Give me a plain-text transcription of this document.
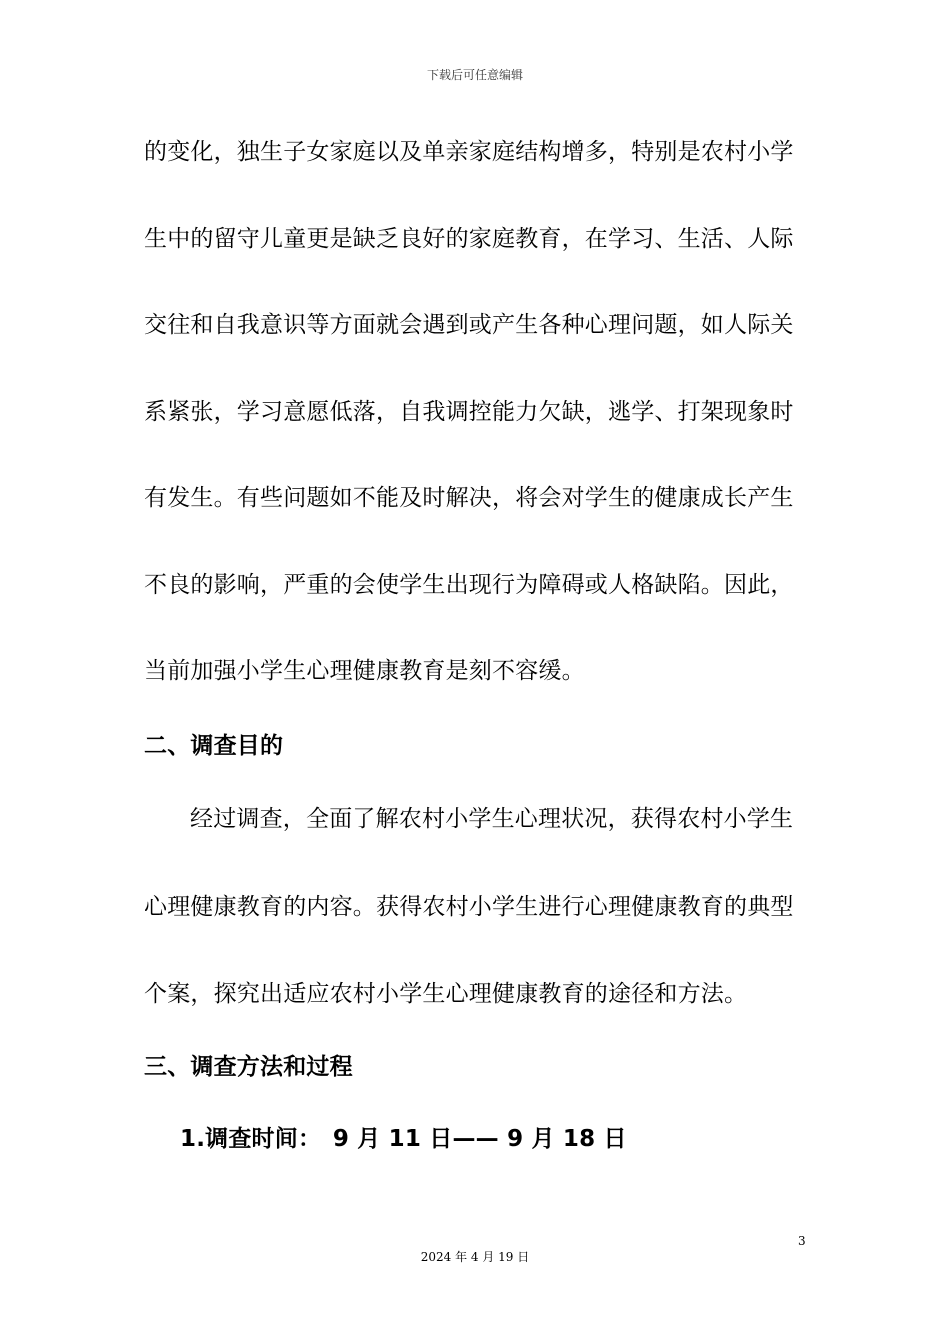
下载后可任意编辑
的变化，独生子女家庭以及单亲家庭结构增多，特别是农村小学
生中的留守儿童更是缺乏良好的家庭教育，在学习、生活、人际
交往和自我意识等方面就会遇到或产生各种心理问题，如人际关
系紧张，学习意愿低落，自我调控能力欠缺，逃学、打架现象时
有发生。有些问题如不能及时解决，将会对学生的健康成长产生
不良的影响，严重的会使学生出现行为障碍或人格缺陷。因此，
当前加强小学生心理健康教育是刻不容缓。
二、调查目的
经过调查，全面了解农村小学生心理状况，获得农村小学生
心理健康教育的内容。获得农村小学生进行心理健康教育的典型
个案，探究出适应农村小学生心理健康教育的途径和方法。
三、调查方法和过程
1.调查时间：　9 月 11 日—— 9 月 18 日
3
2024 年 4 月 19 日
